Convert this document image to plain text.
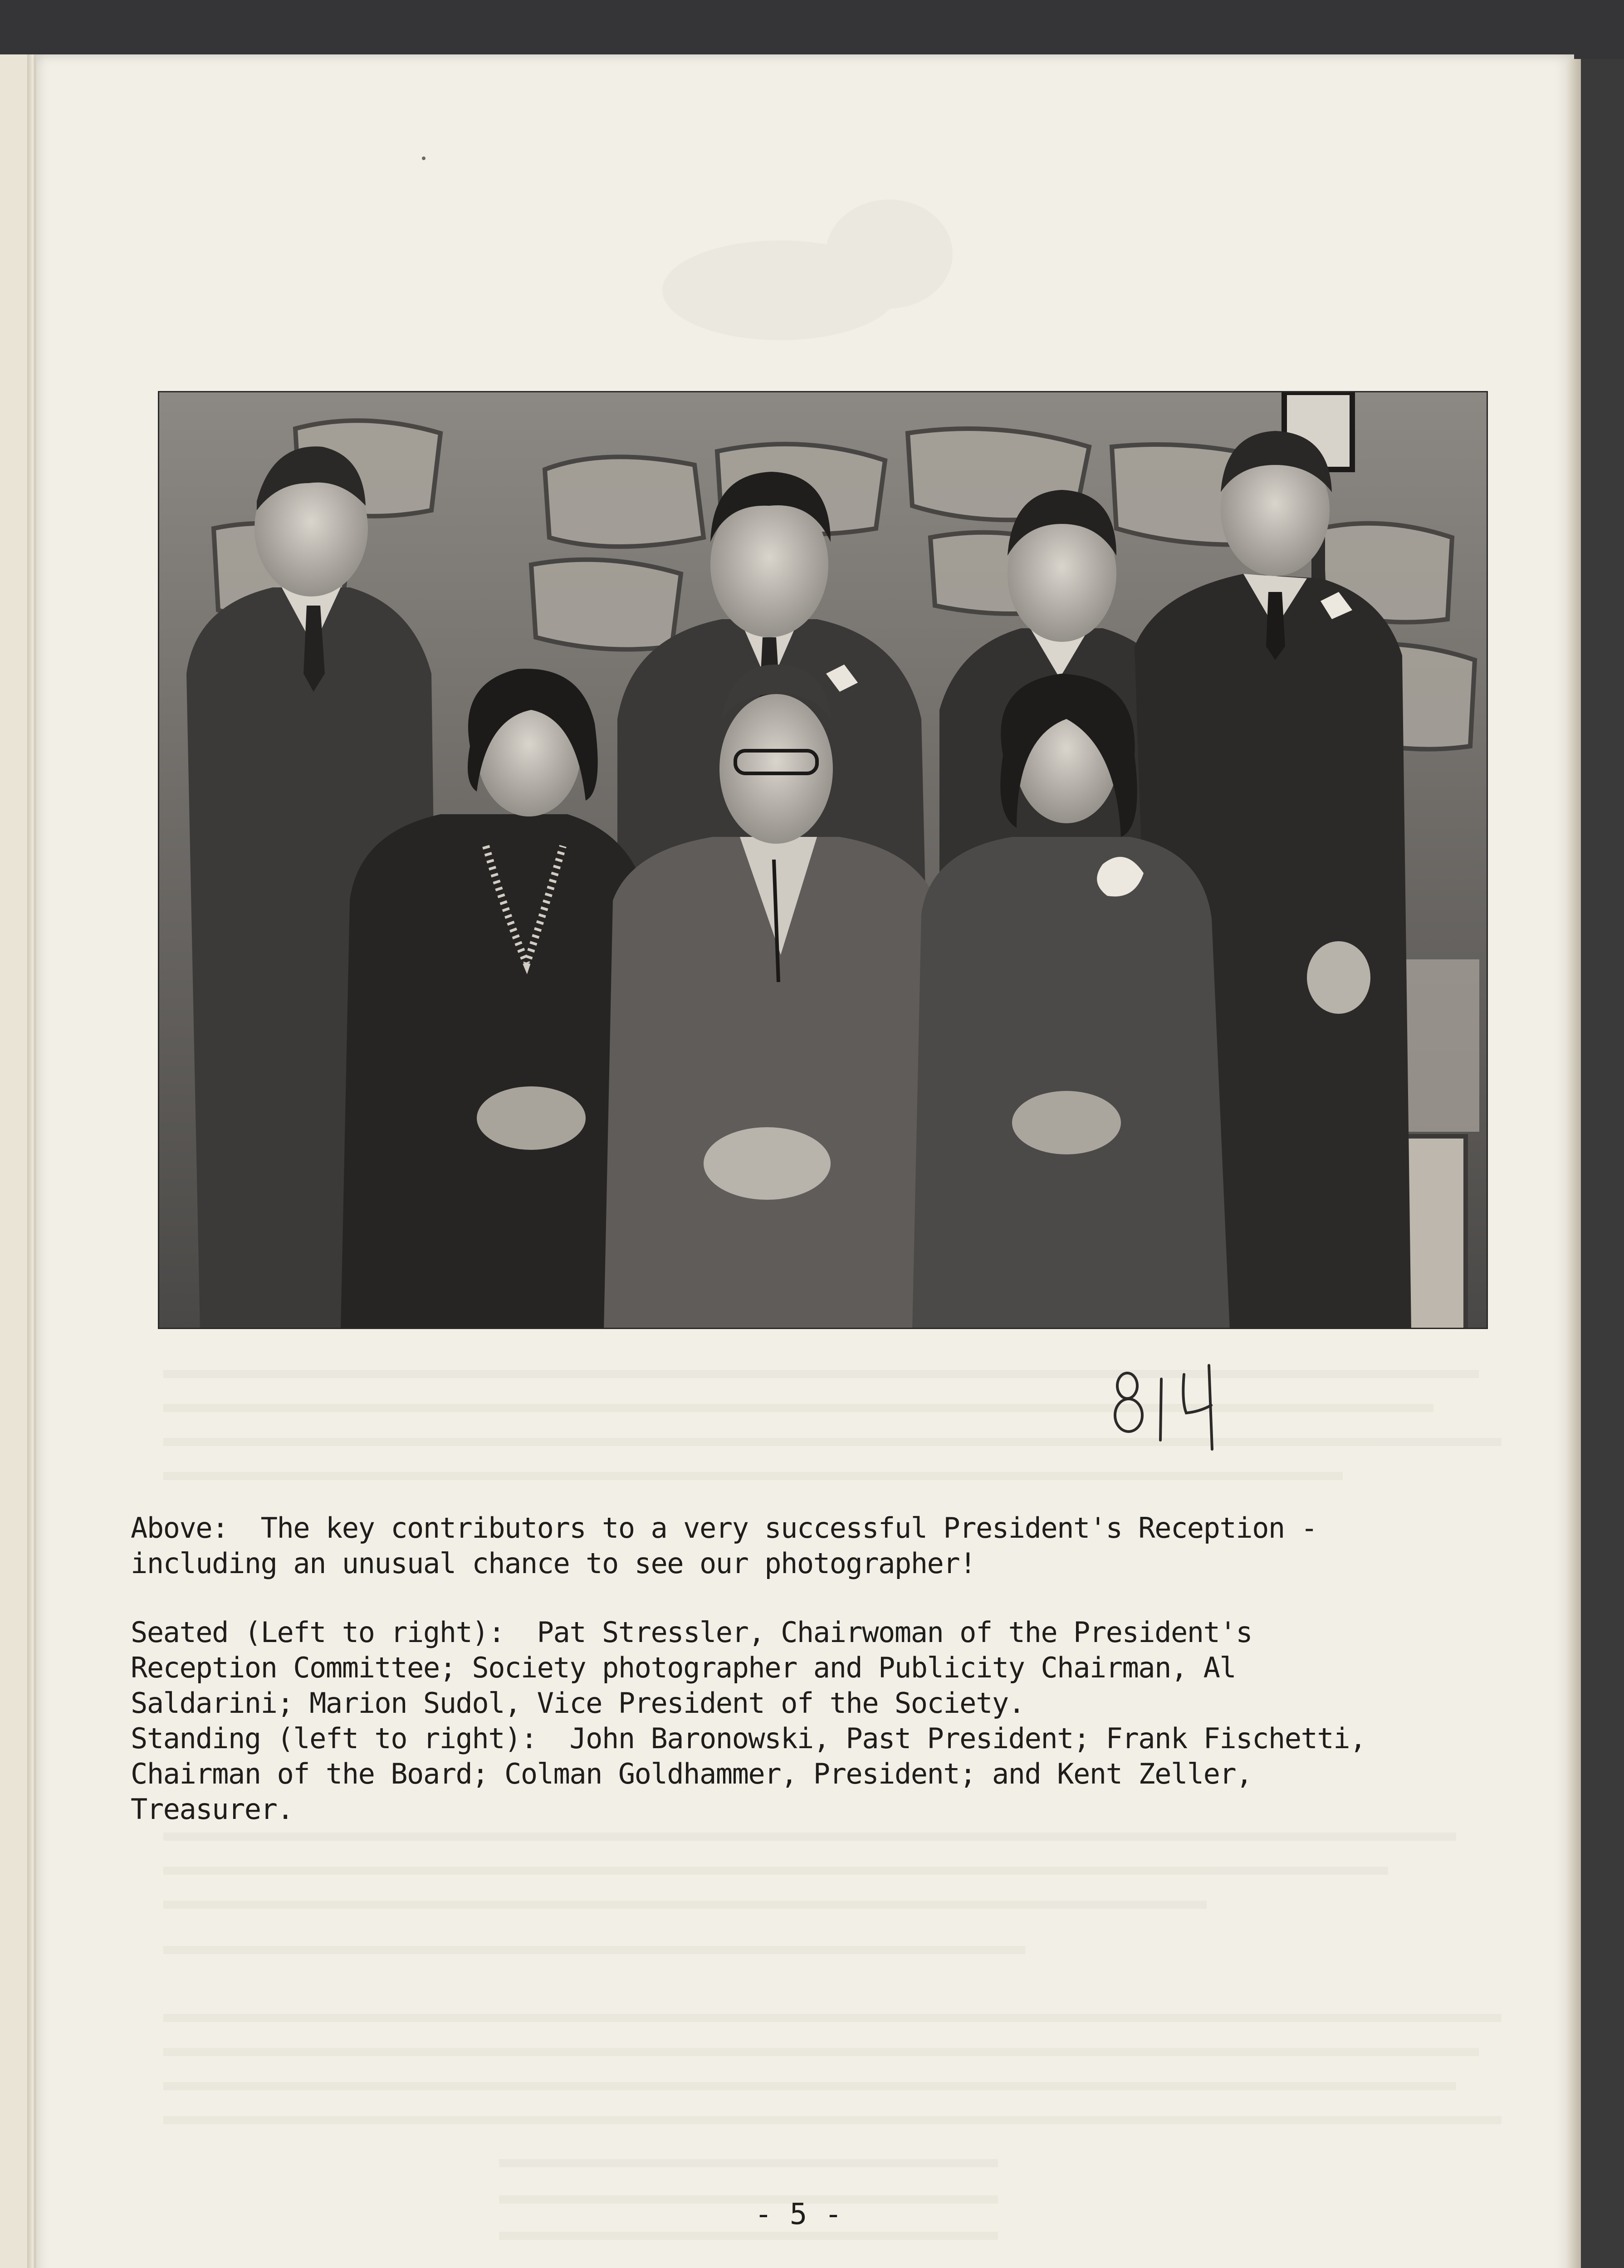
814
Above:  The key contributors to a very successful President's Reception -
including an unusual chance to see our photographer!
Seated (Left to right):  Pat Stressler, Chairwoman of the President's
Reception Committee; Society photographer and Publicity Chairman, Al
Saldarini; Marion Sudol, Vice President of the Society.
Standing (left to right):  John Baronowski, Past President; Frank Fischetti,
Chairman of the Board; Colman Goldhammer, President; and Kent Zeller,
Treasurer.
- 5 -
